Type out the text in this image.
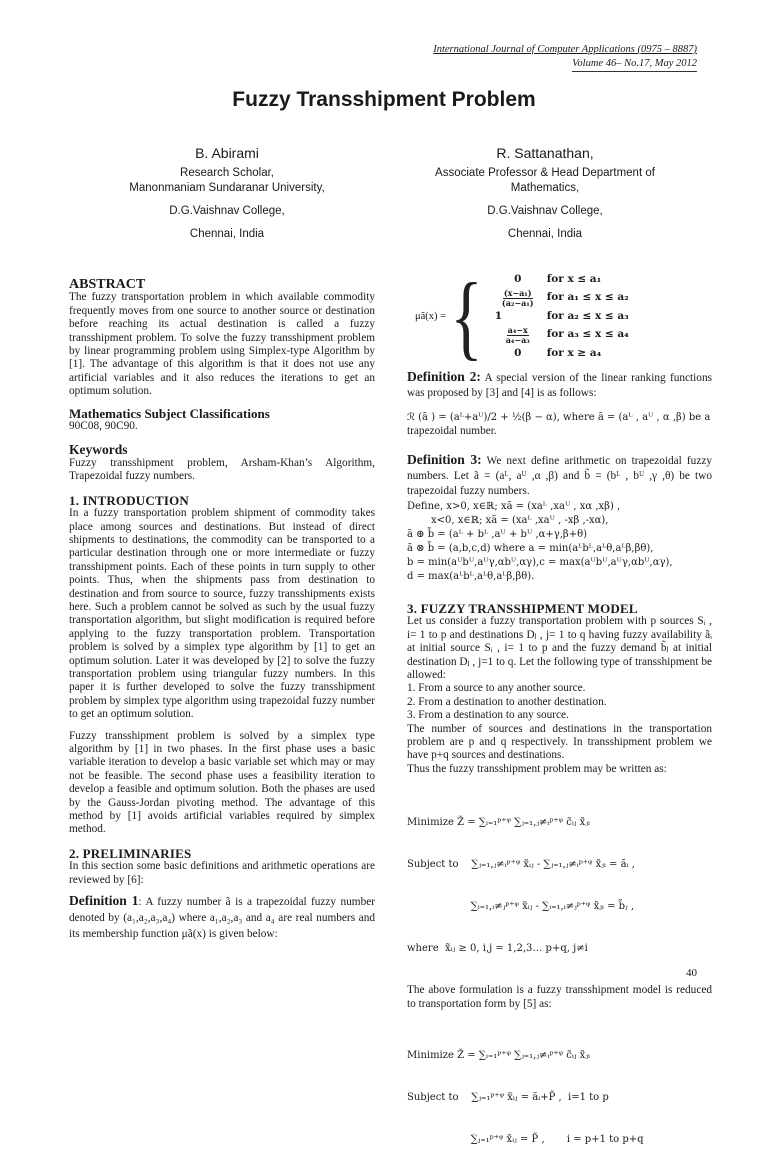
International Journal of Computer Applications (0975 – 8887)
Volume 46– No.17, May 2012
Fuzzy Transshipment Problem
B. Abirami
Research Scholar,
Manonmaniam Sundaranar University,
D.G.Vaishnav College,
Chennai, India
R. Sattanathan,
Associate Professor & Head Department of
Mathematics,
D.G.Vaishnav College,
Chennai, India
ABSTRACT

The fuzzy transportation problem in which available commodity frequently moves from one source to another source or destination before reaching its actual destination is called a fuzzy transshipment problem. To solve the fuzzy transshipment problem by linear programming problem using Simplex-type Algorithm by [1]. The advantage of this algorithm is that it does not use any artificial variables and it also reduces the iterations to get an optimum solution.

Mathematics Subject Classifications

90C08, 90C90.

Keywords

Fuzzy transshipment problem, Arsham-Khan’s Algorithm, Trapezoidal fuzzy numbers.

1. INTRODUCTION

In a fuzzy transportation problem shipment of commodity takes place among sources and destinations. But instead of direct shipments to destinations, the commodity can be transported to a particular destination through one or more intermediate or fuzzy transshipment points. Each of these points in turn supply to other points. Thus, when the shipments pass from destination to destination and from source to source, fuzzy transshipments exists here. Such a problem cannot be solved as such by the usual fuzzy transportation algorithm, but slight modification is required before applying to the fuzzy transportation problem. Transportation problem is solved by a simplex type algorithm by [1] to get an optimum solution. Later it was developed by [2] to solve the fuzzy transportation problem using triangular fuzzy numbers. In this paper it is further developed to solve the fuzzy transshipment problem by simplex type algorithm using trapezoidal fuzzy number to get an optimum solution.

Fuzzy transshipment problem is solved by a simplex type algorithm by [1] in two phases. In the first phase uses a basic variable iteration to develop a basic variable set which may or may not be feasible. The second phase uses a feasibility iteration to develop a feasible and optimum solution. Both the phases are used by the Gauss-Jordan pivoting method. The advantage of this method by [1] avoids artificial variables required by simplex method.

2. PRELIMINARIES

In this section some basic definitions and arithmetic operations are reviewed by [6]:

Definition 1: A fuzzy number ã is a trapezoidal fuzzy number denoted by (a₁,a₂,a₃,a₄) where a₁,a₂,a₃ and a₄ are real numbers and its membership function μã(x) is given below:

μã(x) = {	0	for x ≤ a₁
$\frac{\text{(x−a₁)}}{\text{(a₂−a₁)}}$ for a₁ ≤ x ≤ a₂
1	for a₂ ≤ x ≤ a₃
$\frac{\text{a₄−x}}{\text{a₄−a₃}}$ for a₃ ≤ x ≤ a₄
0	for x ≥ a₄

Definition 2: A special version of the linear ranking functions was proposed by [3] and [4] is as follows:

ℛ (ã ) = (aᴸ+aᵁ)/2 + ½(β − α), where ã = (aᴸ , aᵁ , α ,β) be a

trapezoidal number.

Definition 3: We next define arithmetic on trapezoidal fuzzy numbers. Let ã = (aᴸ, aᵁ ,α ,β) and b̃ = (bᴸ , bᵁ ,γ ,θ) be two trapezoidal fuzzy numbers.

Define, x>0, x∈ℝ; xã = (xaᴸ ,xaᵁ , xα ,xβ) ,

x<0, x∈ℝ; xã = (xaᴸ ,xaᵁ , -xβ ,-xα),

ã ⊕ b̃ = (aᴸ + bᴸ ,aᵁ + bᵁ ,α+γ,β+θ)

ã ⊗ b̃ = (a,b,c,d) where a = min(aᴸbᴸ,aᴸθ,aᴸβ,βθ),

b = min(aᵁbᵁ,aᵁγ,αbᵁ,αγ),c = max(aᵁbᵁ,aᵁγ,αbᵁ,αγ),

d = max(aᴸbᴸ,aᴸθ,aᴸβ,βθ).

3. FUZZY TRANSSHIPMENT MODEL

Let us consider a fuzzy transportation problem with p sources Sᵢ , i= 1 to p and destinations Dⱼ , j= 1 to q having fuzzy availability ãᵢ at initial source Sᵢ , i= 1 to p and the fuzzy demand b̃ⱼ at initial destination Dⱼ , j=1 to q. Let the following type of transshipment be allowed:

1. From a source to any another source.

2. From a destination to another destination.

3. From a destination to any source.

The number of sources and destinations in the transportation problem are p and q respectively. In transshipment problem we have p+q sources and destinations.

Thus the fuzzy transshipment problem may be written as:

Minimize Ž = ∑ᵢ₌₁ᵖ⁺ᵠ ∑ⱼ₌₁,ⱼ≠ᵢᵖ⁺ᵠ c̃ᵢⱼ x̃ⱼᵢ

Subject to    ∑ⱼ₌₁,ⱼ≠ᵢᵖ⁺ᵠ x̃ᵢⱼ - ∑ⱼ₌₁,ⱼ≠ᵢᵖ⁺ᵠ x̃ⱼᵢ = ãᵢ ,

∑ᵢ₌₁,ᵢ≠ⱼᵖ⁺ᵠ x̃ᵢⱼ - ∑ᵢ₌₁,ᵢ≠ⱼᵖ⁺ᵠ x̃ⱼᵢ = b̃ⱼ ,

where  x̃ᵢⱼ ≥ 0, i,j = 1,2,3… p+q, j≠i

The above formulation is a fuzzy transshipment model is reduced to transportation form by [5] as:

Minimize Ž = ∑ᵢ₌₁ᵖ⁺ᵠ ∑ⱼ₌₁,ⱼ≠ᵢᵖ⁺ᵠ c̃ᵢⱼ x̃ⱼᵢ

Subject to    ∑ⱼ₌₁ᵖ⁺ᵠ x̃ᵢⱼ = ãᵢ+P̃ ,  i=1 to p

∑ⱼ₌₁ᵖ⁺ᵠ x̃ᵢⱼ = P̃ ,       i = p+1 to p+q

40
